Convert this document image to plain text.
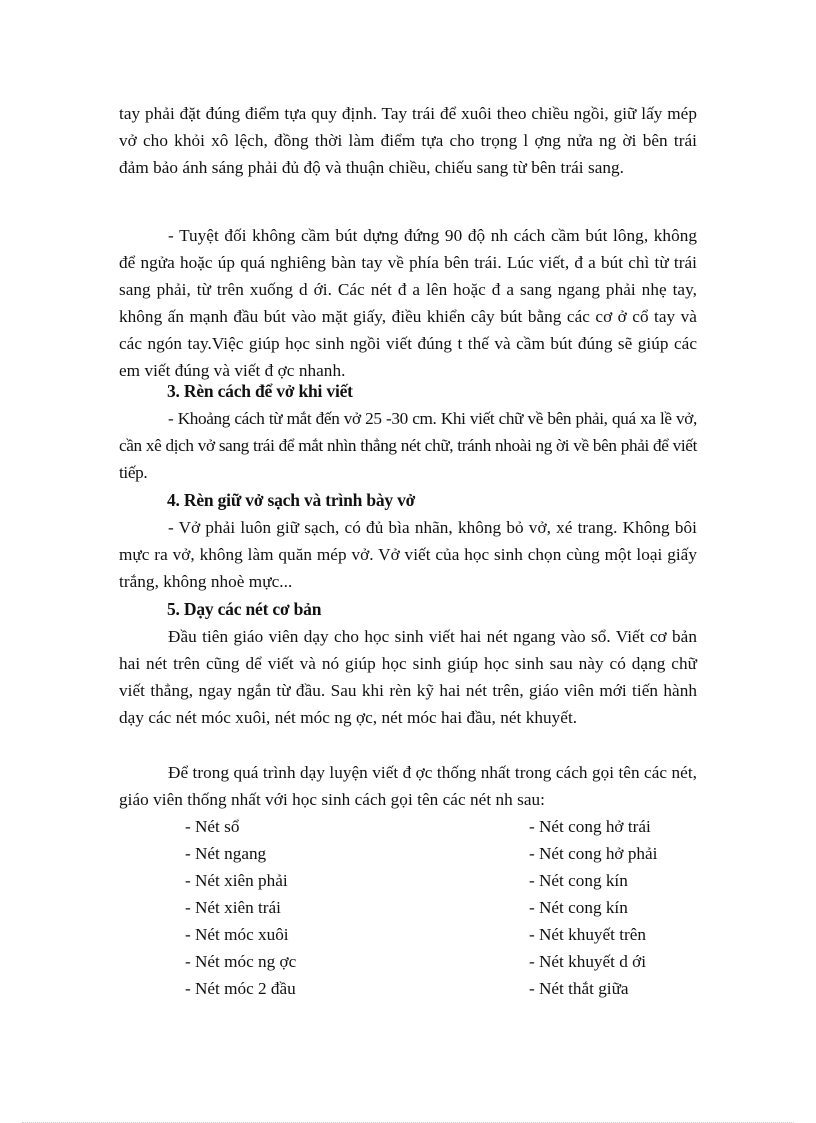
tay phải đặt đúng điểm tựa quy định. Tay trái để xuôi theo chiều ngồi, giữ lấy mép vở cho khỏi xô lệch, đồng thời làm điểm tựa cho trọng l ợng nửa ng ời bên trái đảm bảo ánh sáng phải đủ độ và thuận chiều, chiếu sang từ bên trái sang.

- Tuyệt đối không cầm bút dựng đứng 90 độ nh cách cầm bút lông, không để ngửa hoặc úp quá nghiêng bàn tay về phía bên trái. Lúc viết, đ a bút chì từ trái sang phải, từ trên xuống d ới. Các nét đ a lên hoặc đ a sang ngang phải nhẹ tay, không ấn mạnh đầu bút vào mặt giấy, điều khiển cây bút bằng các cơ ở cổ tay và các ngón tay.Việc giúp học sinh ngồi viết đúng t thế và cầm bút đúng sẽ giúp các em viết đúng và viết đ ợc nhanh.

3. Rèn cách để vở khi viết

- Khoảng cách từ mắt đến vở 25 -30 cm. Khi viết chữ về bên phải, quá xa lề vở, cần xê dịch vở sang trái để mắt nhìn thẳng nét chữ, tránh nhoài ng ời về bên phải để viết tiếp.

4. Rèn giữ vở sạch và trình bày vở

- Vở phải luôn giữ sạch, có đủ bìa nhãn, không bỏ vở, xé trang. Không bôi mực ra vở, không làm quăn mép vở. Vở viết của học sinh chọn cùng một loại giấy trắng, không nhoè mực...

5. Dạy các nét cơ bản

Đầu tiên giáo viên dạy cho học sinh viết hai nét ngang vào sổ. Viết cơ bản hai nét trên cũng dể viết và nó giúp học sinh giúp học sinh sau này có dạng chữ viết thẳng, ngay ngắn từ đầu. Sau khi rèn kỹ hai nét trên, giáo viên mới tiến hành dạy các nét móc xuôi, nét móc ng ợc, nét móc hai đầu, nét khuyết.

Để trong quá trình dạy luyện viết đ ợc thống nhất trong cách gọi tên các nét, giáo viên thống nhất với học sinh cách gọi tên các nét nh sau:

- Nét sổ
- Nét ngang
- Nét xiên phải
- Nét xiên trái
- Nét móc xuôi
- Nét móc ng ợc
- Nét móc 2 đầu
- Nét cong hở trái
- Nét cong hở phải
- Nét cong kín
- Nét cong kín
- Nét khuyết trên
- Nét khuyết d ới
- Nét thắt giữa
